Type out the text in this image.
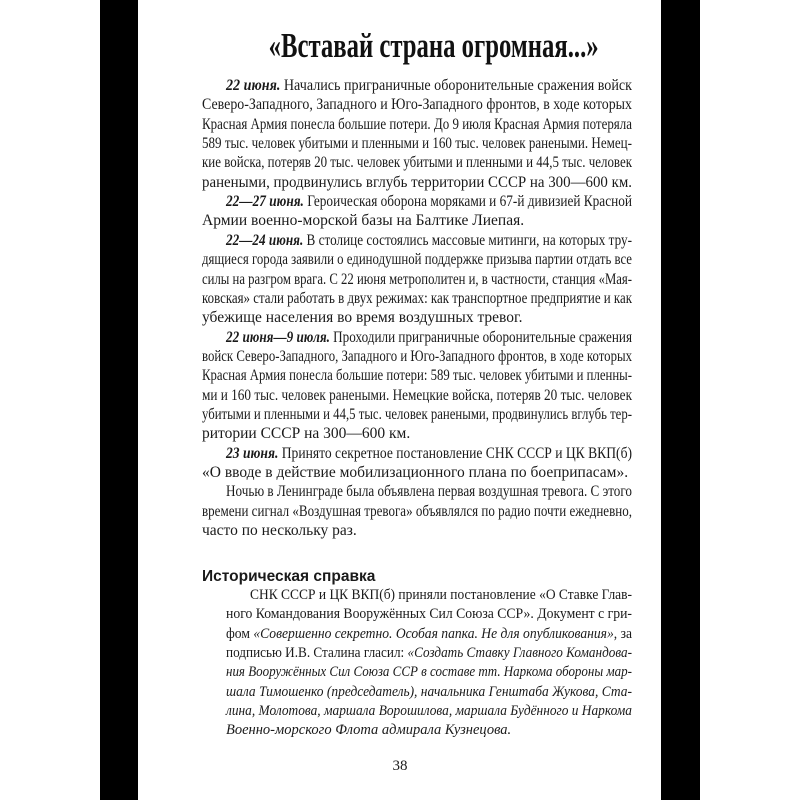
«Вставай страна огромная...»
22 июня. Начались приграничные оборонительные сражения войск
Северо-Западного, Западного и Юго-Западного фронтов, в ходе которых
Красная Армия понесла большие потери. До 9 июля Красная Армия потеряла
589 тыс. человек убитыми и пленными и 160 тыс. человек ранеными. Немец-
кие войска, потеряв 20 тыс. человек убитыми и пленными и 44,5 тыс. человек
ранеными, продвинулись вглубь территории СССР на 300—600 км.
22—27 июня. Героическая оборона моряками и 67-й дивизией Красной
Армии военно-морской базы на Балтике Лиепая.
22—24 июня. В столице состоялись массовые митинги, на которых тру-
дящиеся города заявили о единодушной поддержке призыва партии отдать все
силы на разгром врага. С 22 июня метрополитен и, в частности, станция «Мая-
ковская» стали работать в двух режимах: как транспортное предприятие и как
убежище населения во время воздушных тревог.
22 июня—9 июля. Проходили приграничные оборонительные сражения
войск Северо-Западного, Западного и Юго-Западного фронтов, в ходе которых
Красная Армия понесла большие потери: 589 тыс. человек убитыми и пленны-
ми и 160 тыс. человек ранеными. Немецкие войска, потеряв 20 тыс. человек
убитыми и пленными и 44,5 тыс. человек ранеными, продвинулись вглубь тер-
ритории СССР на 300—600 км.
23 июня. Принято секретное постановление СНК СССР и ЦК ВКП(б)
«О вводе в действие мобилизационного плана по боеприпасам».
Ночью в Ленинграде была объявлена первая воздушная тревога. С этого
времени сигнал «Воздушная тревога» объявлялся по радио почти ежедневно,
часто по нескольку раз.
Историческая справка
СНК СССР и ЦК ВКП(б) приняли постановление «О Ставке Глав-
ного Командования Вооружённых Сил Союза ССР». Документ с гри-
фом «Совершенно секретно. Особая папка. Не для опубликования», за
подписью И.В. Сталина гласил: «Создать Ставку Главного Командова-
ния Вооружённых Сил Союза ССР в составе тт. Наркома обороны мар-
шала Тимошенко (председатель), начальника Генштаба Жукова, Ста-
лина, Молотова, маршала Ворошилова, маршала Будённого и Наркома
Военно-морского Флота адмирала Кузнецова.
38
